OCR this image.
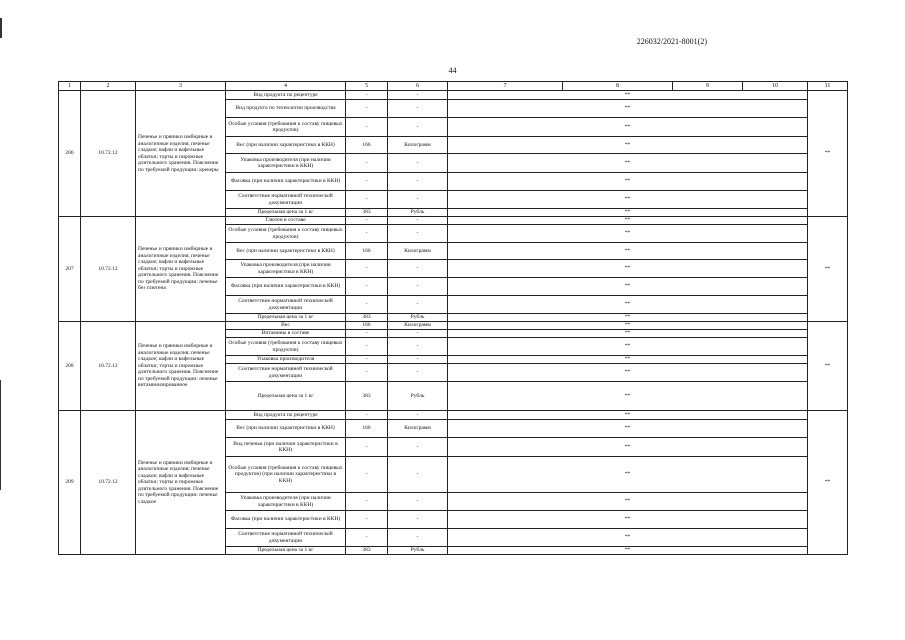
226032/2021-8001(2)
44
1	2	3	4	5	6	7	8	9	10	11
206	10.72.12	Печенье и пряники имбирные и аналогичные изделия; печенье сладкое; вафли и вафельные облатки; торты и пирожные длительного хранения. Пояснение по требуемой продукции: крекеры	Вид продукта по рецептуре	-	-	**				**
			Вид продукта по технологии производства	-	-	**				
			Особые условия (требования к составу пищевых продуктов)	-	-	**				
			Вес (при наличии характеристики в ККН)	166	Килограмм	**				
			Упаковка производителя (при наличии характеристики в ККН)	-	-	**				
			Фасовка (при наличии характеристики в ККН)	-	-	**				
			Соответствие нормативной технической документации	-	-	**				
			Предельная цена за 1 кг	383	Рубль	**				
207	10.72.12	Печенье и пряники имбирные и аналогичные изделия; печенье сладкое; вафли и вафельные облатки; торты и пирожные длительного хранения. Пояснение по требуемой продукции: печенье без глютена	Глютен в составе	-	-	**				**
			Особые условия (требования к составу пищевых продуктов)	-	-	**				
			Вес (при наличии характеристики в ККН)	166	Килограмм	**				
			Упаковка производителя (при наличии характеристики в ККН)	-	-	**				
			Фасовка (при наличии характеристики в ККН)	-	-	**				
			Соответствие нормативной технической документации	-	-	**				
			Предельная цена за 1 кг	383	Рубль	**				
208	10.72.12	Печенье и пряники имбирные и аналогичные изделия; печенье сладкое; вафли и вафельные облатки; торты и пирожные длительного хранения. Пояснение по требуемой продукции: печенье витаминизированное	Вес	166	Килограмм	**				**
			Витамины в составе	-	-	**				
			Особые условия (требования к составу пищевых продуктов)	-	-	**				
			Упаковка производителя	-	-	**				
			Соответствие нормативной технической документации	-	-	**				
			Предельная цена за 1 кг	383	Рубль	**				
209	10.72.12	Печенье и пряники имбирные и аналогичные изделия; печенье сладкое; вафли и вафельные облатки; торты и пирожные длительного хранения. Пояснение по требуемой продукции: печенье сладкое	Вид продукта по рецептуре	-	-	**				**
			Вес (при наличии характеристики в ККН)	166	Килограмм	**				
			Вид печенья (при наличии характеристики в ККН)	-	-	**				
			Особые условия (требования к составу пищевых продуктов) (при наличии характеристики в ККН)	-	-	**				
			Упаковка производителя (при наличии характеристики в ККН)	-	-	**				
			Фасовка (при наличии характеристики в ККН)	-	-	**				
			Соответствие нормативной технической документации	-	-	**				
			Предельная цена за 1 кг	383	Рубль	**				
